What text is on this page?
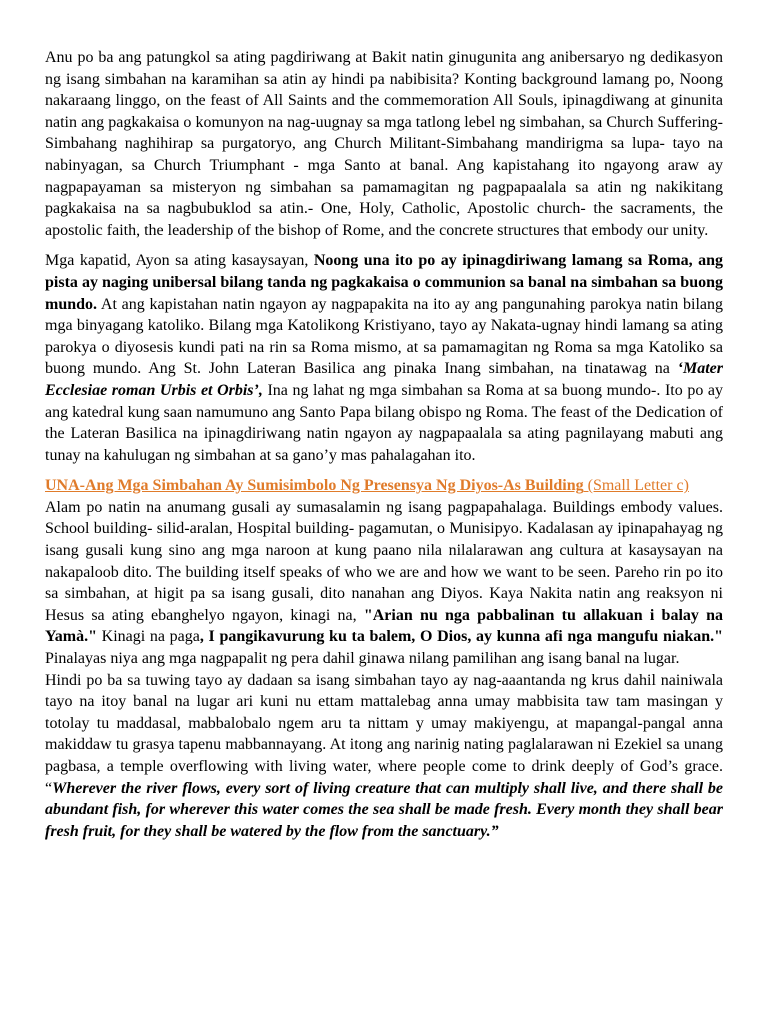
Anu po ba ang patungkol sa ating pagdiriwang at Bakit natin ginugunita ang anibersaryo ng dedikasyon ng isang simbahan na karamihan sa atin ay hindi pa nabibisita? Konting background lamang po, Noong nakaraang linggo, on the feast of All Saints and the commemoration All Souls, ipinagdiwang at ginunita natin ang pagkakaisa o komunyon na nag-uugnay sa mga tatlong lebel ng simbahan, sa Church Suffering-Simbahang naghihirap sa purgatoryo, ang Church Militant-Simbahang mandirigma sa lupa- tayo na nabinyagan, sa Church Triumphant - mga Santo at banal. Ang kapistahang ito ngayong araw ay nagpapayaman sa misteryon ng simbahan sa pamamagitan ng pagpapaalala sa atin ng nakikitang pagkakaisa na sa nagbubuklod sa atin.- One, Holy, Catholic, Apostolic church- the sacraments, the apostolic faith, the leadership of the bishop of Rome, and the concrete structures that embody our unity.

Mga kapatid, Ayon sa ating kasaysayan, Noong una ito po ay ipinagdiriwang lamang sa Roma, ang pista ay naging unibersal bilang tanda ng pagkakaisa o communion sa banal na simbahan sa buong mundo. At ang kapistahan natin ngayon ay nagpapakita na ito ay ang pangunahing parokya natin bilang mga binyagang katoliko. Bilang mga Katolikong Kristiyano, tayo ay Nakata-ugnay hindi lamang sa ating parokya o diyosesis kundi pati na rin sa Roma mismo, at sa pamamagitan ng Roma sa mga Katoliko sa buong mundo. Ang St. John Lateran Basilica ang pinaka Inang simbahan, na tinatawag na ‘Mater Ecclesiae roman Urbis et Orbis’, Ina ng lahat ng mga simbahan sa Roma at sa buong mundo-. Ito po ay ang katedral kung saan namumuno ang Santo Papa bilang obispo ng Roma. The feast of the Dedication of the Lateran Basilica na ipinagdiriwang natin ngayon ay nagpapaalala sa ating pagnilayang mabuti ang tunay na kahulugan ng simbahan at sa gano’y mas pahalagahan ito.

UNA-Ang Mga Simbahan Ay Sumisimbolo Ng Presensya Ng Diyos-As Building (Small Letter c)

Alam po natin na anumang gusali ay sumasalamin ng isang pagpapahalaga. Buildings embody values. School building- silid-aralan, Hospital building- pagamutan, o Munisipyo. Kadalasan ay ipinapahayag ng isang gusali kung sino ang mga naroon at kung paano nila nilalarawan ang cultura at kasaysayan na nakapaloob dito. The building itself speaks of who we are and how we want to be seen. Pareho rin po ito sa simbahan, at higit pa sa isang gusali, dito nanahan ang Diyos. Kaya Nakita natin ang reaksyon ni Hesus sa ating ebanghelyo ngayon, kinagi na, "Arian nu nga pabbalinan tu allakuan i balay na Yamà." Kinagi na paga, I pangikavurung ku ta balem, O Dios, ay kunna afi nga mangufu niakan." Pinalayas niya ang mga nagpapalit ng pera dahil ginawa nilang pamilihan ang isang banal na lugar.

Hindi po ba sa tuwing tayo ay dadaan sa isang simbahan tayo ay nag-aaantanda ng krus dahil nainiwala tayo na itoy banal na lugar ari kuni nu ettam mattalebag anna umay mabbisita taw tam masingan y totolay tu maddasal, mabbalobalo ngem aru ta nittam y umay makiyengu, at mapangal-pangal anna makiddaw tu grasya tapenu mabbannayang. At itong ang narinig nating paglalarawan ni Ezekiel sa unang pagbasa, a temple overflowing with living water, where people come to drink deeply of God’s grace. “Wherever the river flows, every sort of living creature that can multiply shall live, and there shall be abundant fish, for wherever this water comes the sea shall be made fresh. Every month they shall bear fresh fruit, for they shall be watered by the flow from the sanctuary.”
